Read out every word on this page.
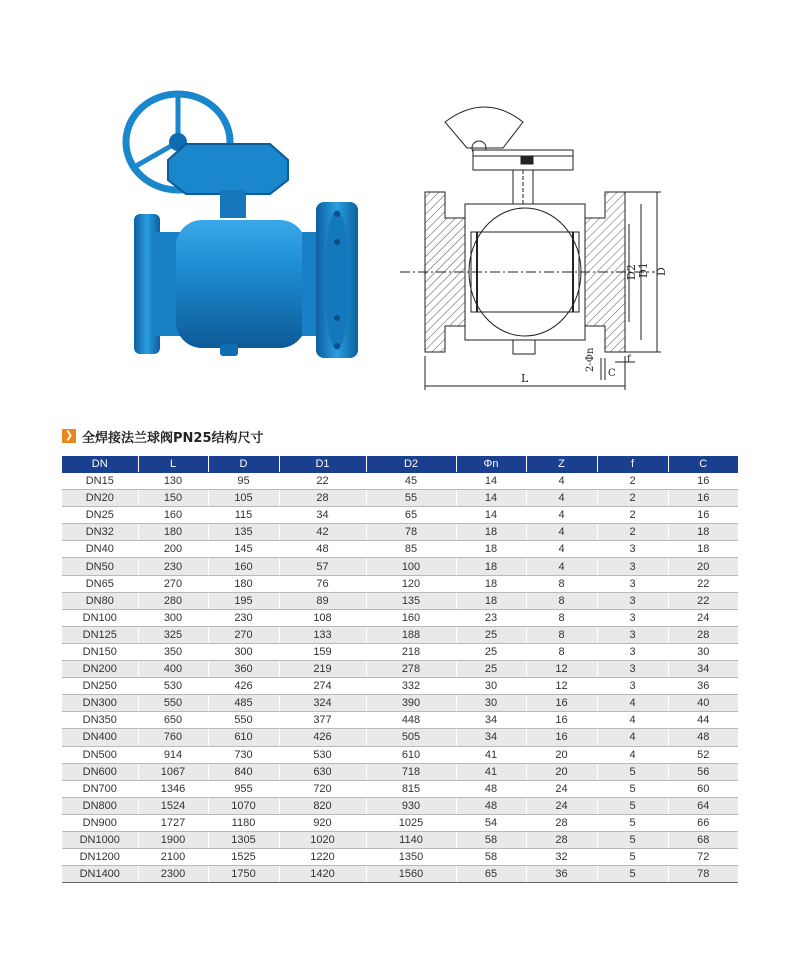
D2 D1 D
2-Φn
L	C
f
❯ 全焊接法兰球阀PN25结构尺寸
DN	L	D	D1	D2	Φn	Z	f	C
DN15	130	95	22	45	14	4	2	16
DN20	150	105	28	55	14	4	2	16
DN25	160	115	34	65	14	4	2	16
DN32	180	135	42	78	18	4	2	18
DN40	200	145	48	85	18	4	3	18
DN50	230	160	57	100	18	4	3	20
DN65	270	180	76	120	18	8	3	22
DN80	280	195	89	135	18	8	3	22
DN100	300	230	108	160	23	8	3	24
DN125	325	270	133	188	25	8	3	28
DN150	350	300	159	218	25	8	3	30
DN200	400	360	219	278	25	12	3	34
DN250	530	426	274	332	30	12	3	36
DN300	550	485	324	390	30	16	4	40
DN350	650	550	377	448	34	16	4	44
DN400	760	610	426	505	34	16	4	48
DN500	914	730	530	610	41	20	4	52
DN600	1067	840	630	718	41	20	5	56
DN700	1346	955	720	815	48	24	5	60
DN800	1524	1070	820	930	48	24	5	64
DN900	1727	1180	920	1025	54	28	5	66
DN1000	1900	1305	1020	1140	58	28	5	68
DN1200	2100	1525	1220	1350	58	32	5	72
DN1400	2300	1750	1420	1560	65	36	5	78
